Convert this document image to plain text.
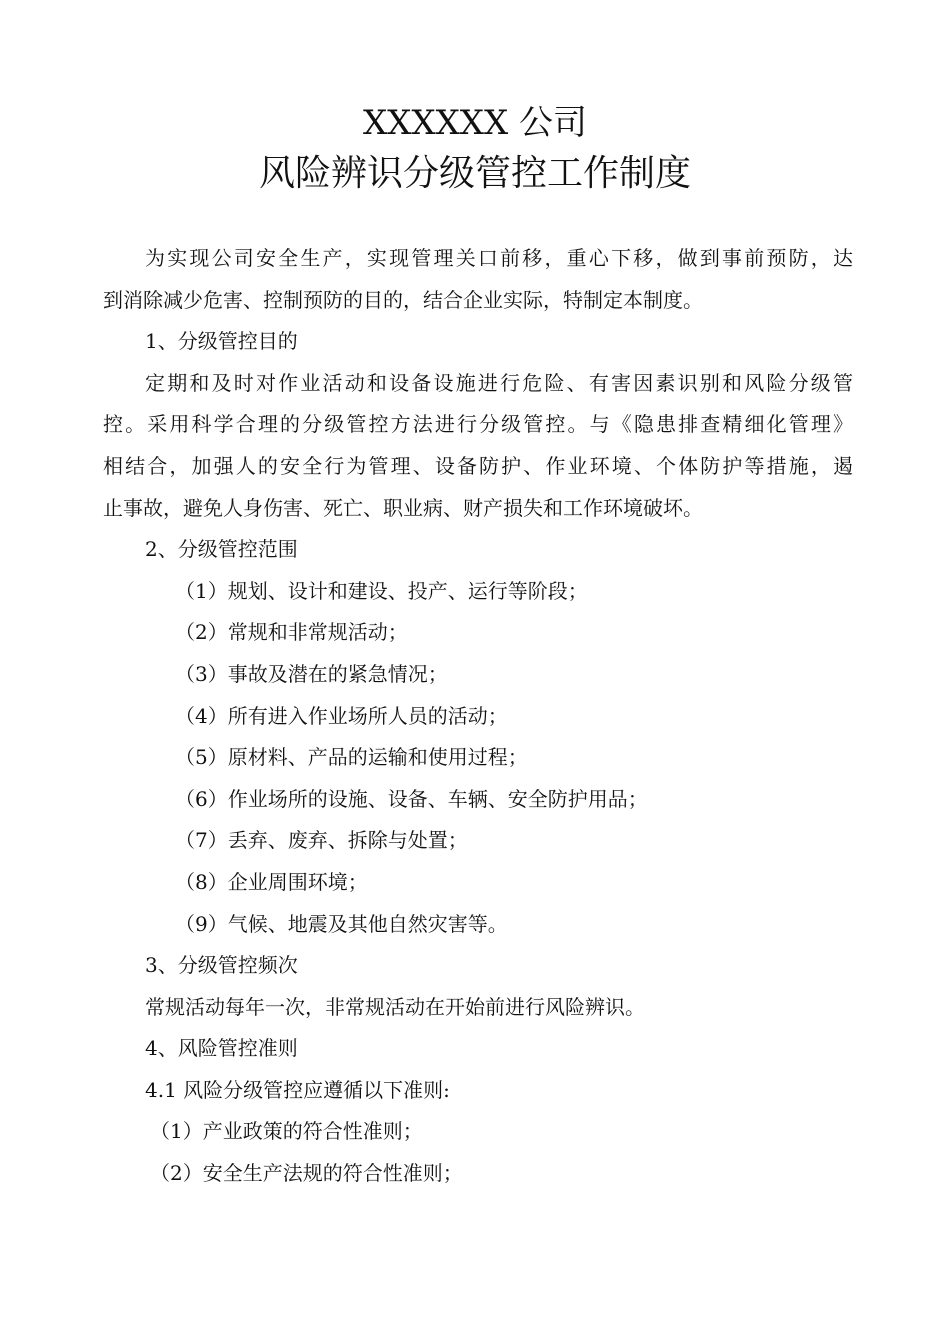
XXXXXX 公司
风险辨识分级管控工作制度

为实现公司安全生产，实现管理关口前移，重心下移，做到事前预防，达

到消除减少危害、控制预防的目的，结合企业实际，特制定本制度。

1、分级管控目的

定期和及时对作业活动和设备设施进行危险、有害因素识别和风险分级管

控。采用科学合理的分级管控方法进行分级管控。与《隐患排查精细化管理》

相结合，加强人的安全行为管理、设备防护、作业环境、个体防护等措施，遏

止事故，避免人身伤害、死亡、职业病、财产损失和工作环境破坏。

2、分级管控范围

（1）规划、设计和建设、投产、运行等阶段；

（2）常规和非常规活动；

（3）事故及潜在的紧急情况；

（4）所有进入作业场所人员的活动；

（5）原材料、产品的运输和使用过程；

（6）作业场所的设施、设备、车辆、安全防护用品；

（7）丢弃、废弃、拆除与处置；

（8）企业周围环境；

（9）气候、地震及其他自然灾害等。

3、分级管控频次

常规活动每年一次，非常规活动在开始前进行风险辨识。

4、风险管控准则

4.1 风险分级管控应遵循以下准则:

（1）产业政策的符合性准则；

（2）安全生产法规的符合性准则；
